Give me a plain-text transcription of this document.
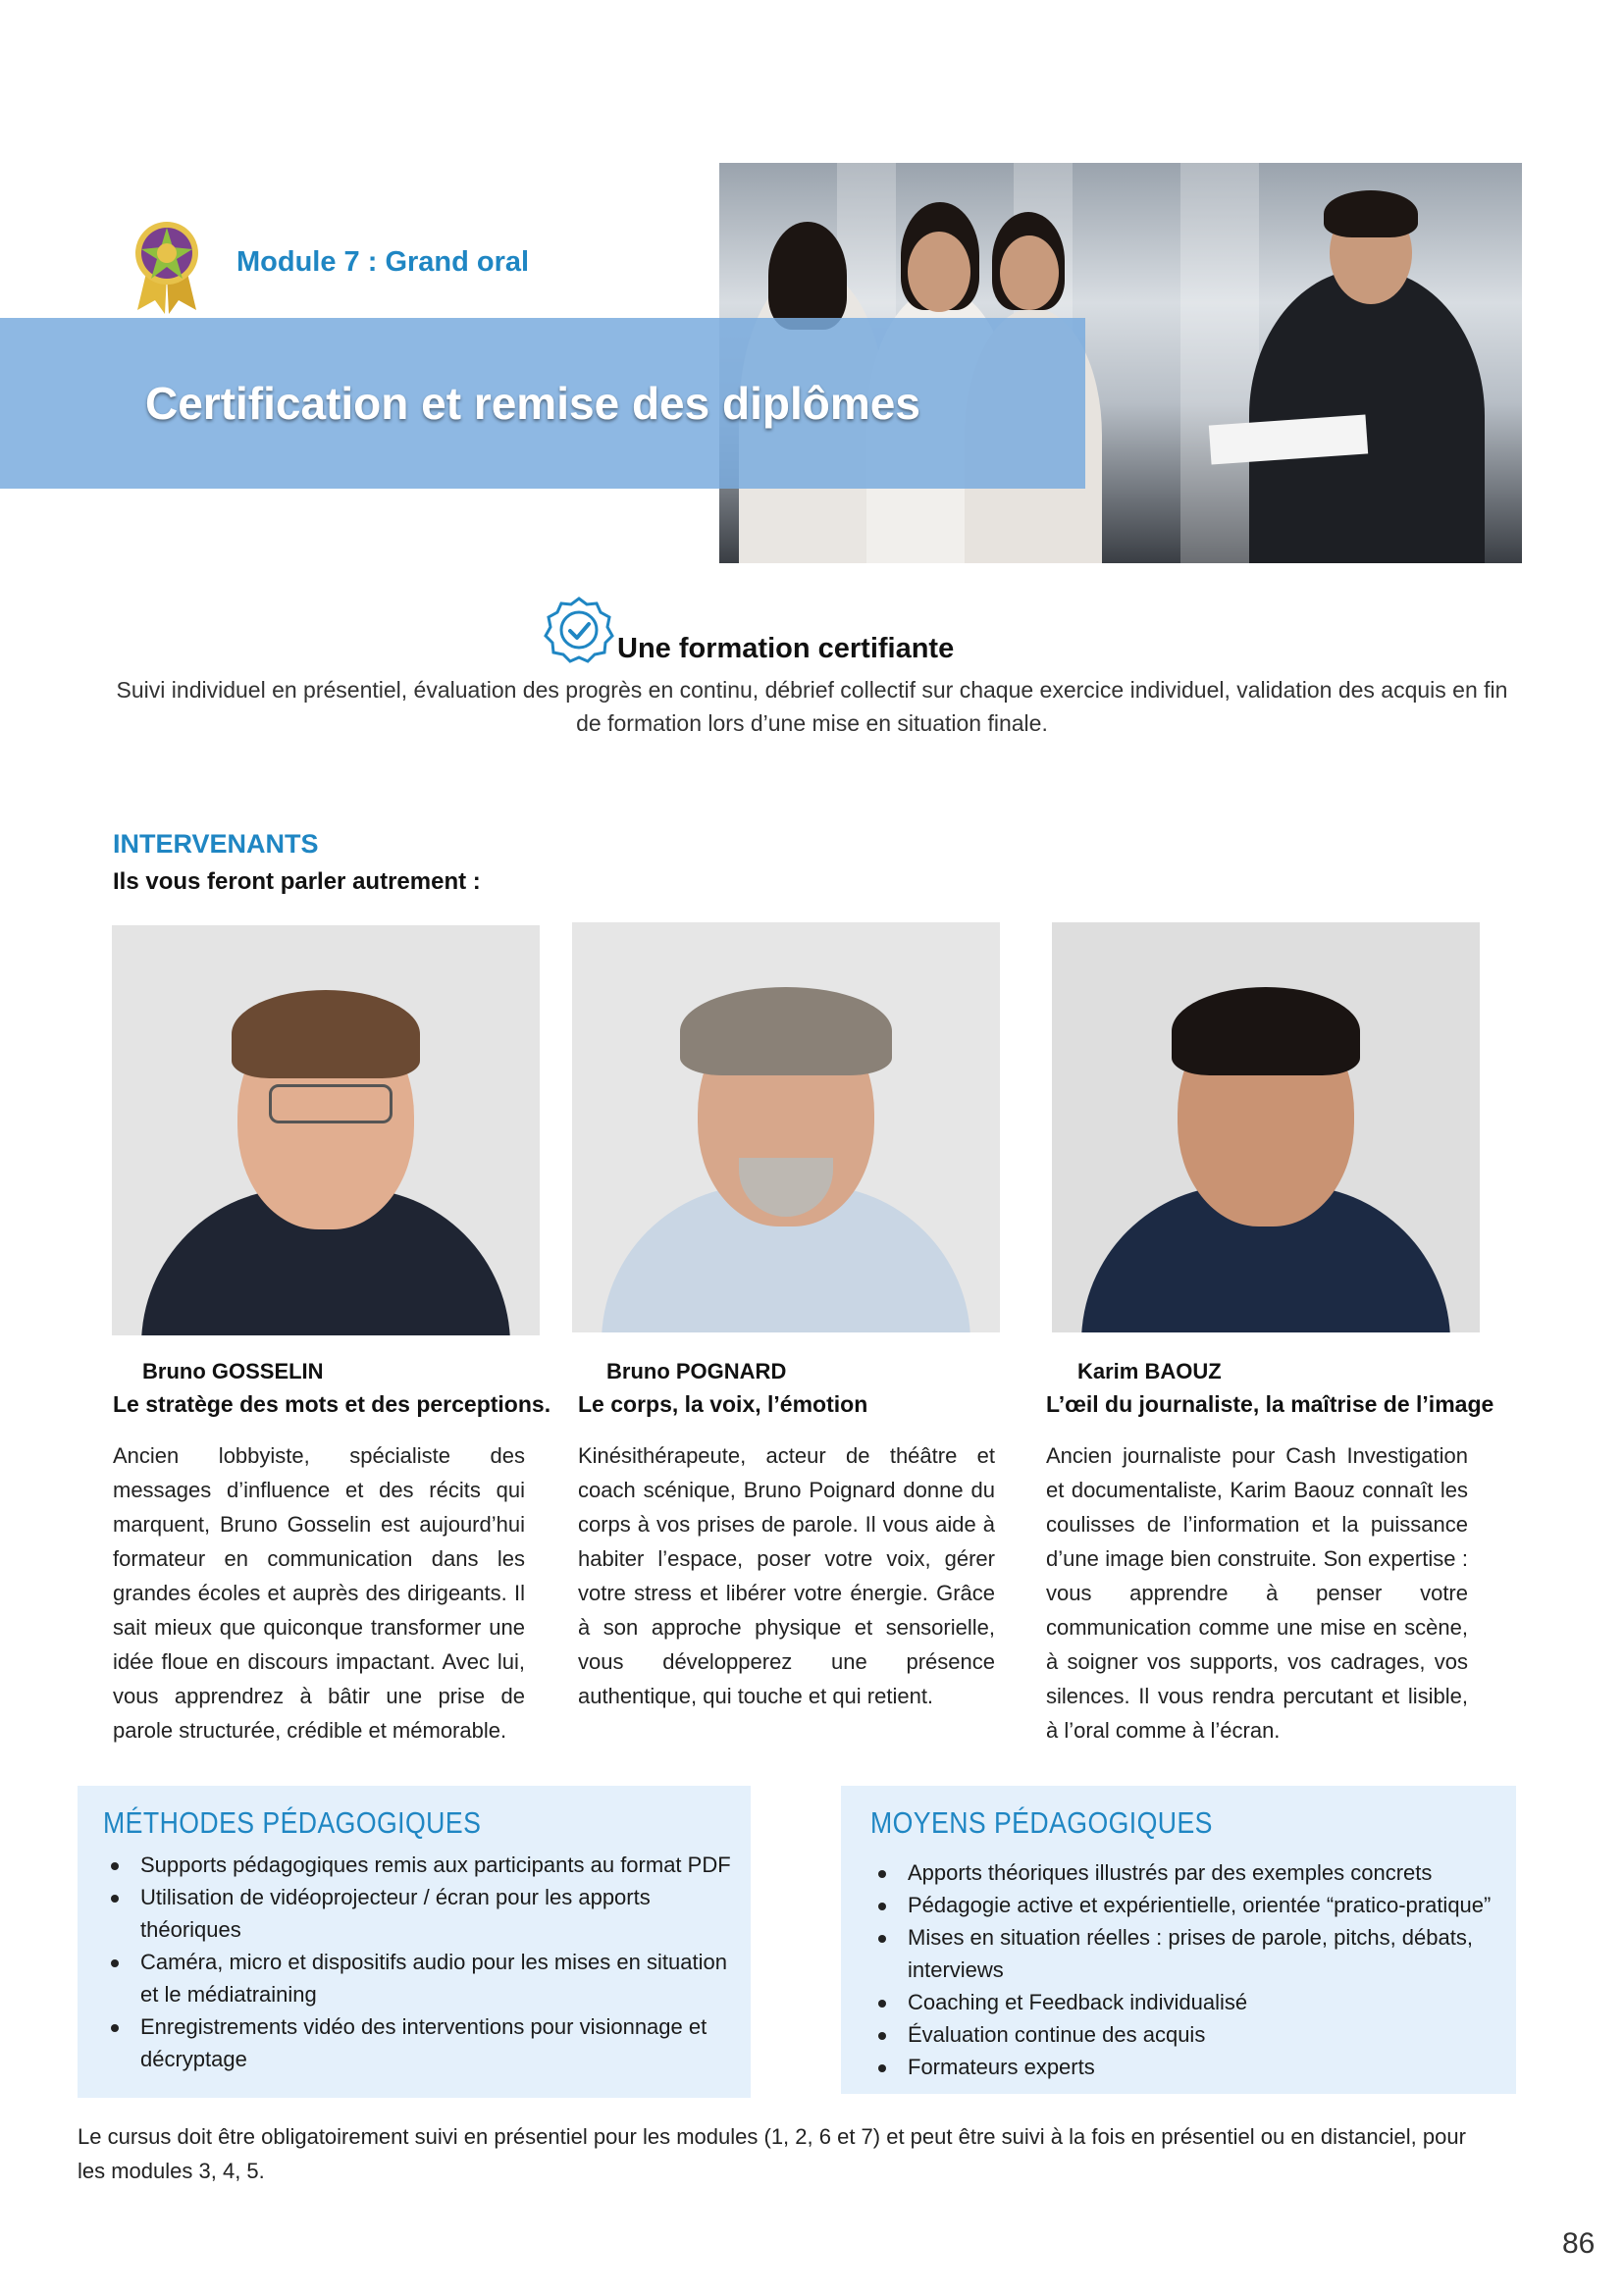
Module 7 : Grand oral
Certification et remise des diplômes
Une formation certifiante
Suivi individuel en présentiel, évaluation des progrès en continu, débrief collectif sur chaque exercice individuel, validation des acquis en fin de formation lors d’une mise en situation finale.
INTERVENANTS
Ils vous feront parler autrement :
Bruno GOSSELIN
Le stratège des mots et des perceptions.
Ancien lobbyiste, spécialiste des messages d’influence et des récits qui marquent, Bruno Gosselin est aujourd’hui formateur en communication dans les grandes écoles et auprès des dirigeants. Il sait mieux que quiconque transformer une idée floue en discours impactant. Avec lui, vous apprendrez à bâtir une prise de parole structurée, crédible et mémorable.
Bruno POGNARD
Le corps, la voix, l’émotion
Kinésithérapeute, acteur de théâtre et coach scénique, Bruno Poignard donne du corps à vos prises de parole. Il vous aide à habiter l’espace, poser votre voix, gérer votre stress et libérer votre énergie. Grâce à son approche physique et sensorielle, vous développerez une présence authentique, qui touche et qui retient.
Karim BAOUZ
L’œil du journaliste, la maîtrise de l’image
Ancien journaliste pour Cash Investigation et documentaliste, Karim Baouz connaît les coulisses de l’information et la puissance d’une image bien construite. Son expertise : vous apprendre à penser votre communication comme une mise en scène, à soigner vos supports, vos cadrages, vos silences. Il vous rendra percutant et lisible, à l’oral comme à l’écran.
MÉTHODES PÉDAGOGIQUES
Supports pédagogiques remis aux participants au format PDF
Utilisation de vidéoprojecteur / écran pour les apports théoriques
Caméra, micro et dispositifs audio pour les mises en situation et le médiatraining
Enregistrements vidéo des interventions pour visionnage et décryptage
MOYENS PÉDAGOGIQUES
Apports théoriques illustrés par des exemples concrets
Pédagogie active et expérientielle, orientée “pratico-pratique”
Mises en situation réelles : prises de parole, pitchs, débats, interviews
Coaching et Feedback individualisé
Évaluation continue des acquis
Formateurs experts
Le cursus doit être obligatoirement suivi en présentiel pour les modules (1, 2, 6 et 7) et peut être suivi à la fois en présentiel ou en distanciel, pour les modules 3, 4, 5.
86
